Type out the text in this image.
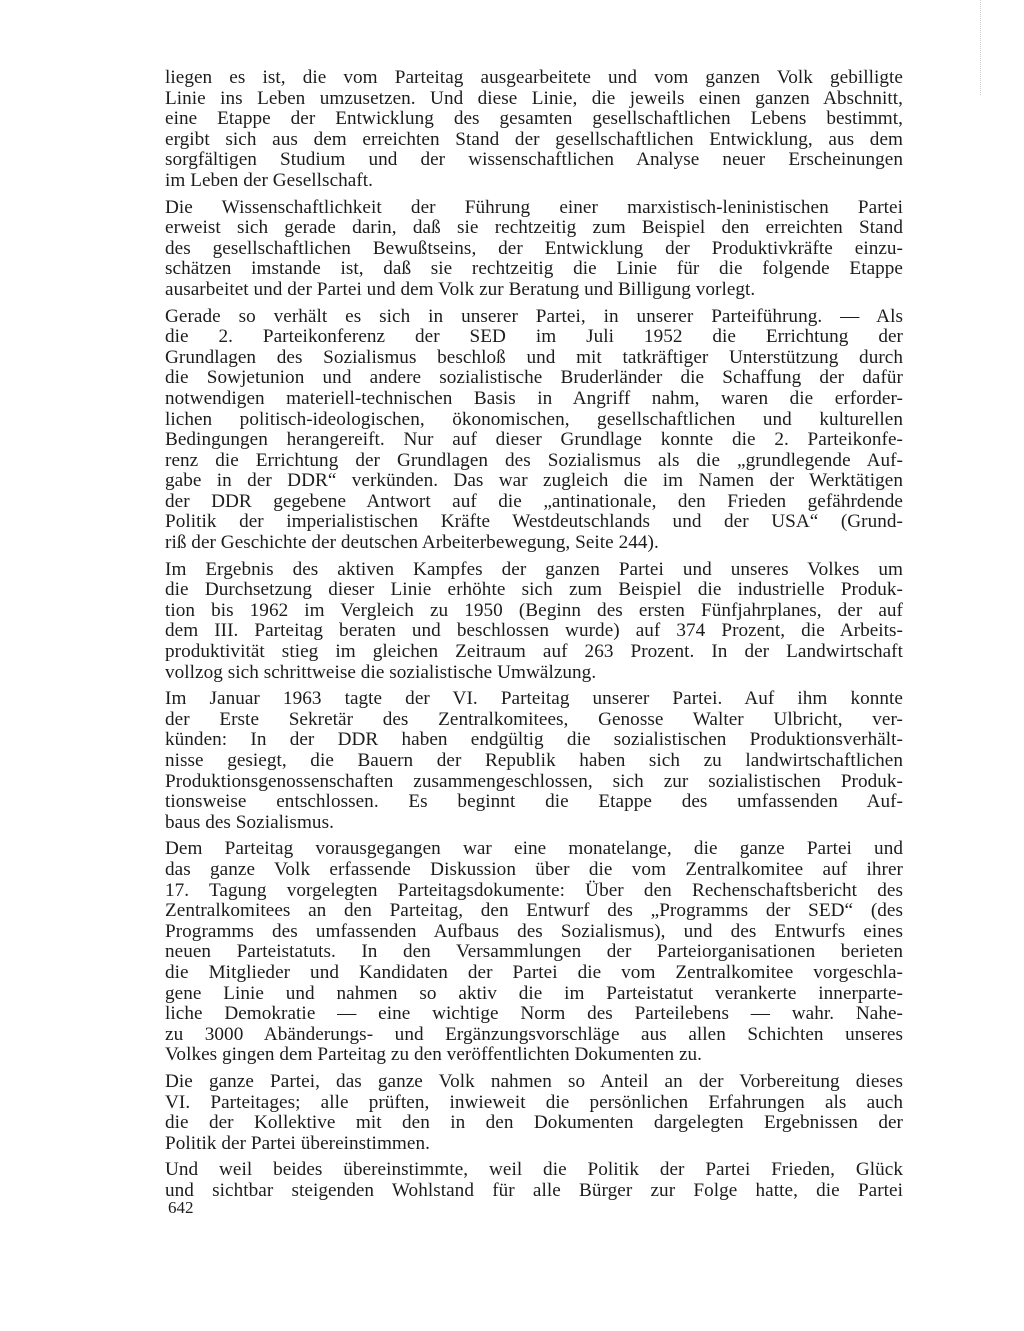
liegen es ist, die vom Parteitag ausgearbeitete und vom ganzen Volk gebilligte
Linie ins Leben umzusetzen. Und diese Linie, die jeweils einen ganzen Abschnitt,
eine Etappe der Entwicklung des gesamten gesellschaftlichen Lebens bestimmt,
ergibt sich aus dem erreichten Stand der gesellschaftlichen Entwicklung, aus dem
sorgfältigen Studium und der wissenschaftlichen Analyse neuer Erscheinungen
im Leben der Gesellschaft.
Die Wissenschaftlichkeit der Führung einer marxistisch-leninistischen Partei
erweist sich gerade darin, daß sie rechtzeitig zum Beispiel den erreichten Stand
des gesellschaftlichen Bewußtseins, der Entwicklung der Produktivkräfte einzu-
schätzen imstande ist, daß sie rechtzeitig die Linie für die folgende Etappe
ausarbeitet und der Partei und dem Volk zur Beratung und Billigung vorlegt.
Gerade so verhält es sich in unserer Partei, in unserer Parteiführung. — Als
die 2. Parteikonferenz der SED im Juli 1952 die Errichtung der
Grundlagen des Sozialismus beschloß und mit tatkräftiger Unterstützung durch
die Sowjetunion und andere sozialistische Bruderländer die Schaffung der dafür
notwendigen materiell-technischen Basis in Angriff nahm, waren die erforder-
lichen politisch-ideologischen, ökonomischen, gesellschaftlichen und kulturellen
Bedingungen herangereift. Nur auf dieser Grundlage konnte die 2. Parteikonfe-
renz die Errichtung der Grundlagen des Sozialismus als die „grundlegende Auf-
gabe in der DDR“ verkünden. Das war zugleich die im Namen der Werktätigen
der DDR gegebene Antwort auf die „antinationale, den Frieden gefährdende
Politik der imperialistischen Kräfte Westdeutschlands und der USA“ (Grund-
riß der Geschichte der deutschen Arbeiterbewegung, Seite 244).
Im Ergebnis des aktiven Kampfes der ganzen Partei und unseres Volkes um
die Durchsetzung dieser Linie erhöhte sich zum Beispiel die industrielle Produk-
tion bis 1962 im Vergleich zu 1950 (Beginn des ersten Fünfjahrplanes, der auf
dem III. Parteitag beraten und beschlossen wurde) auf 374 Prozent, die Arbeits-
produktivität stieg im gleichen Zeitraum auf 263 Prozent. In der Landwirtschaft
vollzog sich schrittweise die sozialistische Umwälzung.
Im Januar 1963 tagte der VI. Parteitag unserer Partei. Auf ihm konnte
der Erste Sekretär des Zentralkomitees, Genosse Walter Ulbricht, ver-
künden: In der DDR haben endgültig die sozialistischen Produktionsverhält-
nisse gesiegt, die Bauern der Republik haben sich zu landwirtschaftlichen
Produktionsgenossenschaften zusammengeschlossen, sich zur sozialistischen Produk-
tionsweise entschlossen. Es beginnt die Etappe des umfassenden Auf-
baus des Sozialismus.
Dem Parteitag vorausgegangen war eine monatelange, die ganze Partei und
das ganze Volk erfassende Diskussion über die vom Zentralkomitee auf ihrer
17. Tagung vorgelegten Parteitagsdokumente: Über den Rechenschaftsbericht des
Zentralkomitees an den Parteitag, den Entwurf des „Programms der SED“ (des
Programms des umfassenden Aufbaus des Sozialismus), und des Entwurfs eines
neuen Parteistatuts. In den Versammlungen der Parteiorganisationen berieten
die Mitglieder und Kandidaten der Partei die vom Zentralkomitee vorgeschla-
gene Linie und nahmen so aktiv die im Parteistatut verankerte innerparte-
liche Demokratie — eine wichtige Norm des Parteilebens — wahr. Nahe-
zu 3000 Abänderungs- und Ergänzungsvorschläge aus allen Schichten unseres
Volkes gingen dem Parteitag zu den veröffentlichten Dokumenten zu.
Die ganze Partei, das ganze Volk nahmen so Anteil an der Vorbereitung dieses
VI. Parteitages; alle prüften, inwieweit die persönlichen Erfahrungen als auch
die der Kollektive mit den in den Dokumenten dargelegten Ergebnissen der
Politik der Partei übereinstimmen.
Und weil beides übereinstimmte, weil die Politik der Partei Frieden, Glück
und sichtbar steigenden Wohlstand für alle Bürger zur Folge hatte, die Partei
642
